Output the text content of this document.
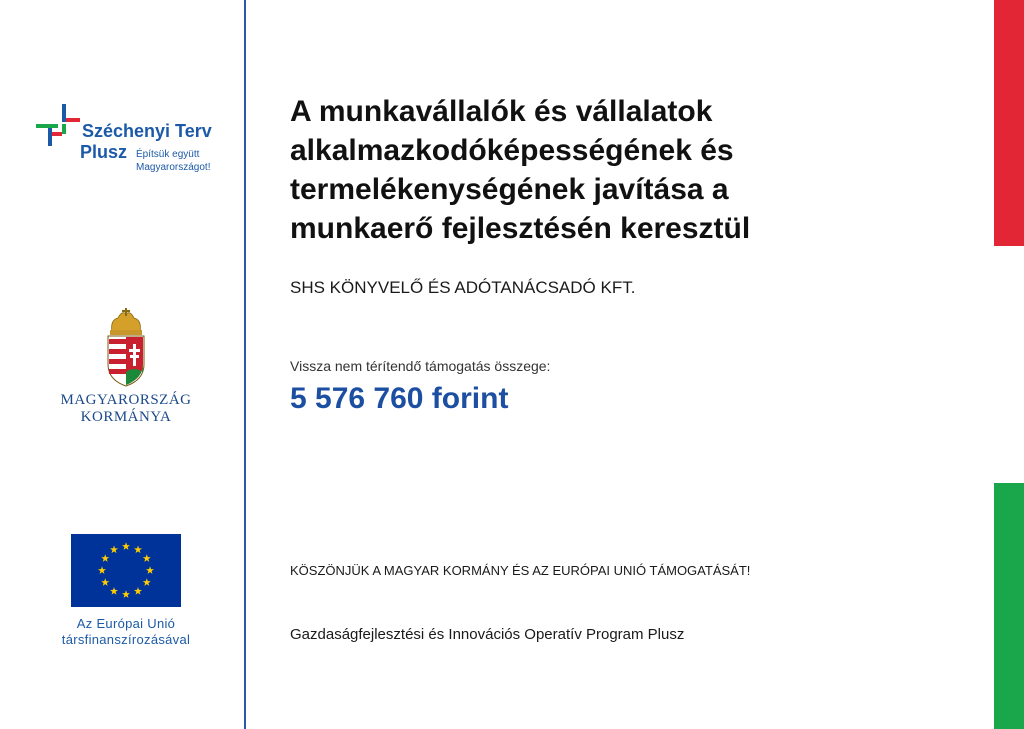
Széchenyi Terv
Plusz Építsük együtt Magyarországot!
MAGYARORSZÁG
KORMÁNYA
Az Európai Unió
társfinanszírozásával
A munkavállalók és vállalatok alkalmazkodóképességének és termelékenységének javítása a munkaerő fejlesztésén keresztül
SHS KÖNYVELŐ ÉS ADÓTANÁCSADÓ KFT.
Vissza nem térítendő támogatás összege:
5 576 760 forint
KÖSZÖNJÜK A MAGYAR KORMÁNY ÉS AZ EURÓPAI UNIÓ TÁMOGATÁSÁT!
Gazdaságfejlesztési és Innovációs Operatív Program Plusz
